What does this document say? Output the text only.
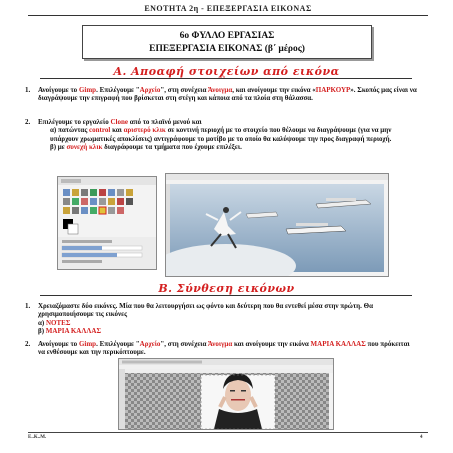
ΕΝΟΤΗΤΑ 2η - ΕΠΕΞΕΡΓΑΣΙΑ ΕΙΚΟΝΑΣ
6ο ΦΥΛΛΟ ΕΡΓΑΣΙΑΣ
ΕΠΕΞΕΡΓΑΣΙΑ ΕΙΚΟΝΑΣ (β΄ μέρος)
Α. Αποαφή στοιχείων από εικόνα
1. Ανοίγουμε το Gimp. Επιλέγουμε "Αρχείο", στη συνέχεια Άνοιγμα, και ανοίγουμε την εικόνα «ΠΑΡΚΟΥΡ». Σκοπός μας είναι να διαγράψουμε την επιγραφή που βρίσκεται στη στέγη και κάποια από τα πλοία στη θάλασσα.
2. Επιλέγουμε το εργαλείο Clone από το πλαϊνό μενού και
α) πατώντας control και αριστερό κλικ σε κοντινή περιοχή με το στοιχείο που θέλουμε να διαγράψουμε (για να μην υπάρχουν χρωματικές αποκλίσεις) αντιγράφουμε το μοτίβο με το οποίο θα καλύψουμε την προς διαγραφή περιοχή.
β) με συνεχή κλικ διαγράφουμε τα τμήματα που έχουμε επιλέξει.
Β. Σύνθεση εικόνων
1. Χρειαζόμαστε δύο εικόνες. Μία που θα λειτουργήσει ως φόντο και δεύτερη που θα εντεθεί μέσα στην πρώτη. Θα χρησιμοποιήσουμε τις εικόνες
α) ΝΟΤΕΣ
β) ΜΑΡΙΑ ΚΑΛΛΑΣ
2. Ανοίγουμε το Gimp. Επιλέγουμε "Αρχείο", στη συνέχεια Άνοιγμα και ανοίγουμε την εικόνα ΜΑΡΙΑ ΚΑΛΛΑΣ που πρόκειται να ενθέσουμε και την περικόπτουμε.
Ε..Κ..Μ.	4
